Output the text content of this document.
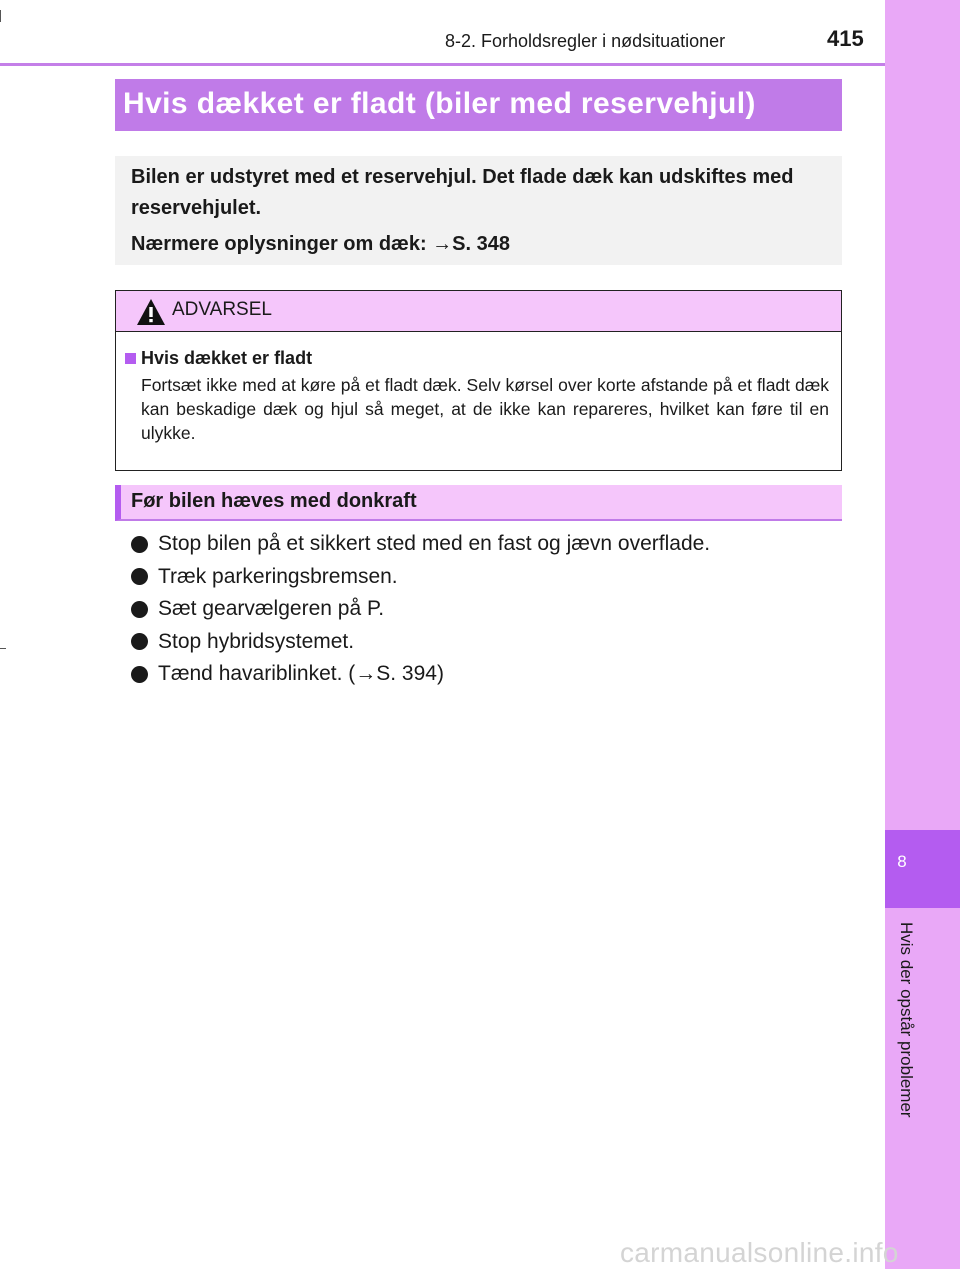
8-2. Forholdsregler i nødsituationer	415
8
Hvis der opstår problemer
Hvis dækket er fladt (biler med reservehjul)
Bilen er udstyret med et reservehjul. Det flade dæk kan udskiftes med reservehjulet.
Nærmere oplysninger om dæk: →S. 348
ADVARSEL
Hvis dækket er fladt
Fortsæt ikke med at køre på et fladt dæk. Selv kørsel over korte afstande på et fladt dæk kan beskadige dæk og hjul så meget, at de ikke kan repareres, hvilket kan føre til en ulykke.
Før bilen hæves med donkraft
Stop bilen på et sikkert sted med en fast og jævn overflade.
Træk parkeringsbremsen.
Sæt gearvælgeren på P.
Stop hybridsystemet.
Tænd havariblinket. (→S. 394)
carmanualsonline.info
